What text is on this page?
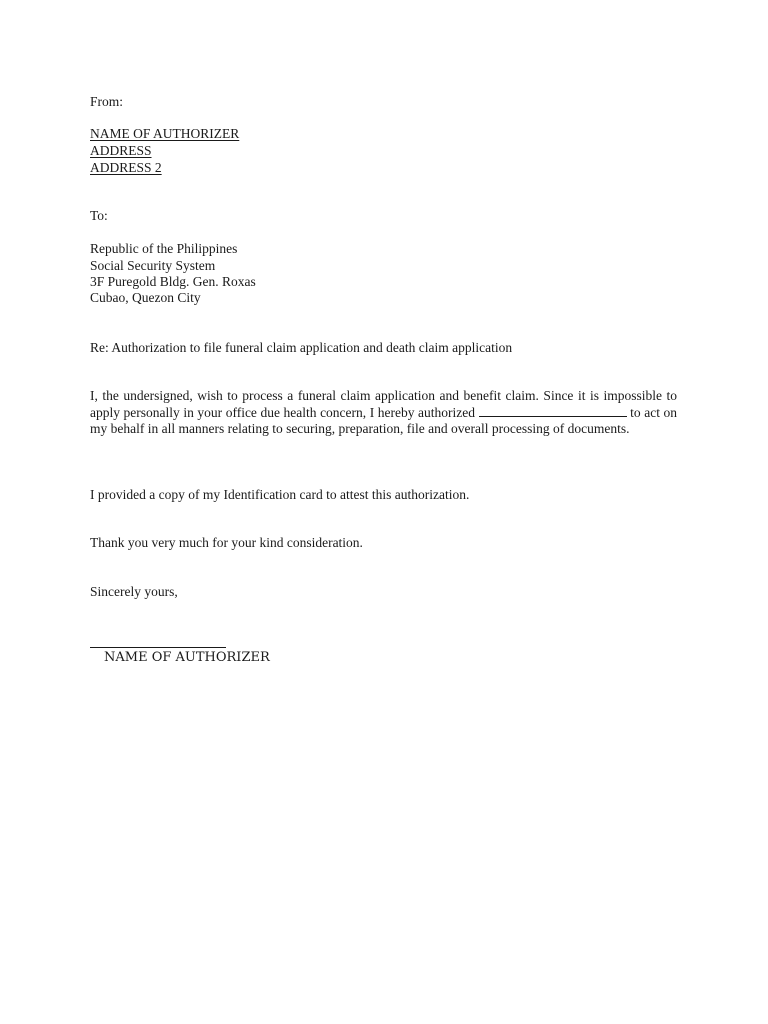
From:
NAME OF AUTHORIZER
ADDRESS
ADDRESS 2
To:
Republic of the Philippines
Social Security System
3F Puregold Bldg. Gen. Roxas
Cubao, Quezon City
Re: Authorization to file funeral claim application and death claim application
I, the undersigned, wish to process a funeral claim application and benefit claim. Since it is impossible to apply personally in your office due health concern, I hereby authorized	to act on my behalf in all manners relating to securing, preparation, file and overall processing of documents.
I provided a copy of my Identification card to attest this authorization.
Thank you very much for your kind consideration.
Sincerely yours,
NAME OF AUTHORIZER
